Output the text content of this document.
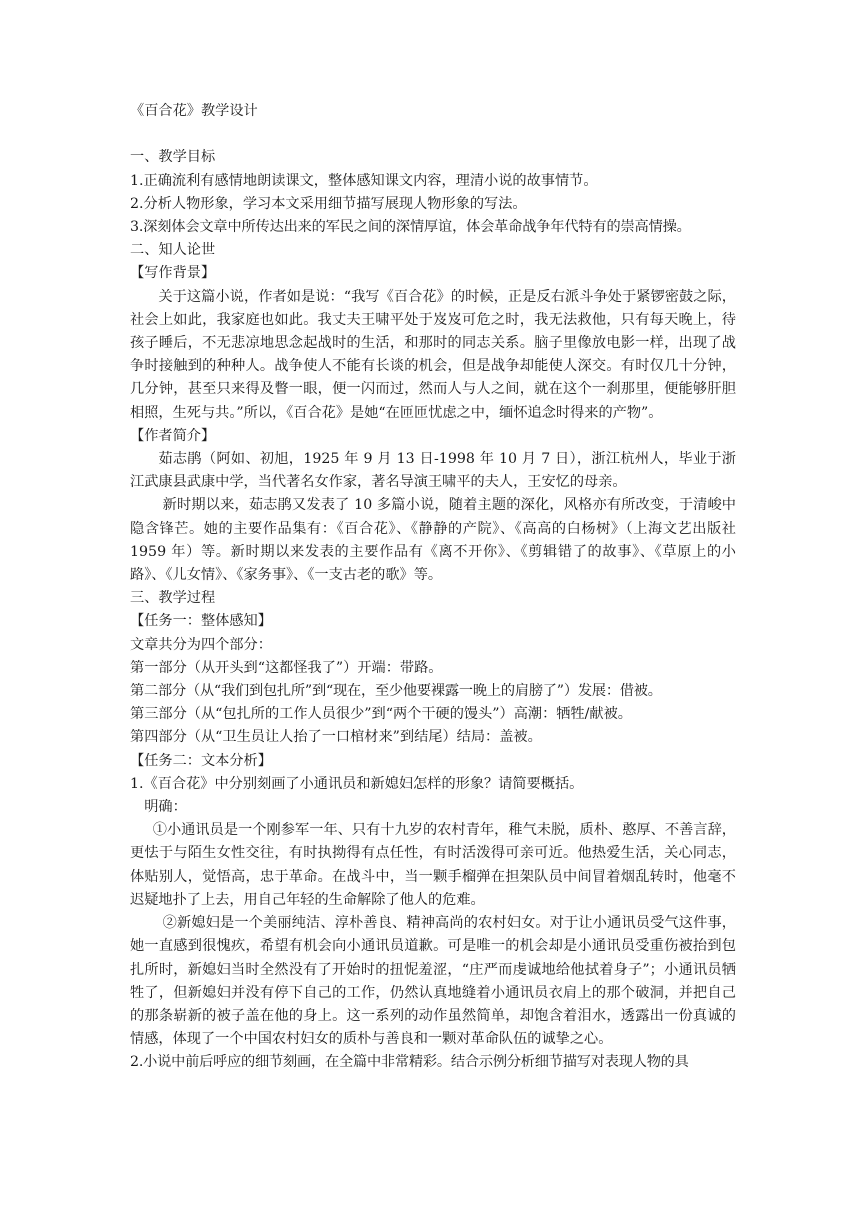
《百合花》教学设计
一、教学目标
1.正确流利有感情地朗读课文，整体感知课文内容，理清小说的故事情节。
2.分析人物形象，学习本文采用细节描写展现人物形象的写法。
3.深刻体会文章中所传达出来的军民之间的深情厚谊，体会革命战争年代特有的崇高情操。
二、知人论世
【写作背景】

关于这篇小说，作者如是说：“我写《百合花》的时候，正是反右派斗争处于紧锣密鼓之际，社会上如此，我家庭也如此。我丈夫王啸平处于岌岌可危之时，我无法救他，只有每天晚上，待孩子睡后，不无悲凉地思念起战时的生活，和那时的同志关系。脑子里像放电影一样，出现了战争时接触到的种种人。战争使人不能有长谈的机会，但是战争却能使人深交。有时仅几十分钟，几分钟，甚至只来得及瞥一眼，便一闪而过，然而人与人之间，就在这个一刹那里，便能够肝胆相照，生死与共。”所以，《百合花》是她“在匝匝忧虑之中，缅怀追念时得来的产物”。

【作者简介】

茹志鹃（阿如、初旭，1925 年 9 月 13 日-1998 年 10 月 7 日），浙江杭州人，毕业于浙江武康县武康中学，当代著名女作家，著名导演王啸平的夫人，王安忆的母亲。

新时期以来，茹志鹃又发表了 10 多篇小说，随着主题的深化，风格亦有所改变，于清峻中隐含锋芒。她的主要作品集有：《百合花》、《静静的产院》、《高高的白杨树》（上海文艺出版社 1959 年）等。新时期以来发表的主要作品有《离不开你》、《剪辑错了的故事》、《草原上的小路》、《儿女情》、《家务事》、《一支古老的歌》等。

三、教学过程
【任务一：整体感知】
文章共分为四个部分：
第一部分（从开头到“这都怪我了”）开端：带路。
第二部分（从“我们到包扎所”到“现在，至少他要裸露一晚上的肩膀了”）发展：借被。
第三部分（从“包扎所的工作人员很少”到“两个干硬的馒头”）高潮：牺牲/献被。
第四部分（从“卫生员让人抬了一口棺材来”到结尾）结局：盖被。
【任务二：文本分析】
1.《百合花》中分别刻画了小通讯员和新媳妇怎样的形象？请简要概括。
明确：

①小通讯员是一个刚参军一年、只有十九岁的农村青年，稚气未脱，质朴、憨厚、不善言辞，更怯于与陌生女性交往，有时执拗得有点任性，有时活泼得可亲可近。他热爱生活，关心同志，体贴别人，觉悟高，忠于革命。在战斗中，当一颗手榴弹在担架队员中间冒着烟乱转时，他毫不迟疑地扑了上去，用自己年轻的生命解除了他人的危难。

②新媳妇是一个美丽纯洁、淳朴善良、精神高尚的农村妇女。对于让小通讯员受气这件事，她一直感到很愧疚，希望有机会向小通讯员道歉。可是唯一的机会却是小通讯员受重伤被抬到包扎所时，新媳妇当时全然没有了开始时的扭怩羞涩，“庄严而虔诚地给他拭着身子”；小通讯员牺牲了，但新媳妇并没有停下自己的工作，仍然认真地缝着小通讯员衣肩上的那个破洞，并把自己的那条崭新的被子盖在他的身上。这一系列的动作虽然简单，却饱含着泪水，透露出一份真诚的情感，体现了一个中国农村妇女的质朴与善良和一颗对革命队伍的诚挚之心。

2.小说中前后呼应的细节刻画，在全篇中非常精彩。结合示例分析细节描写对表现人物的具
